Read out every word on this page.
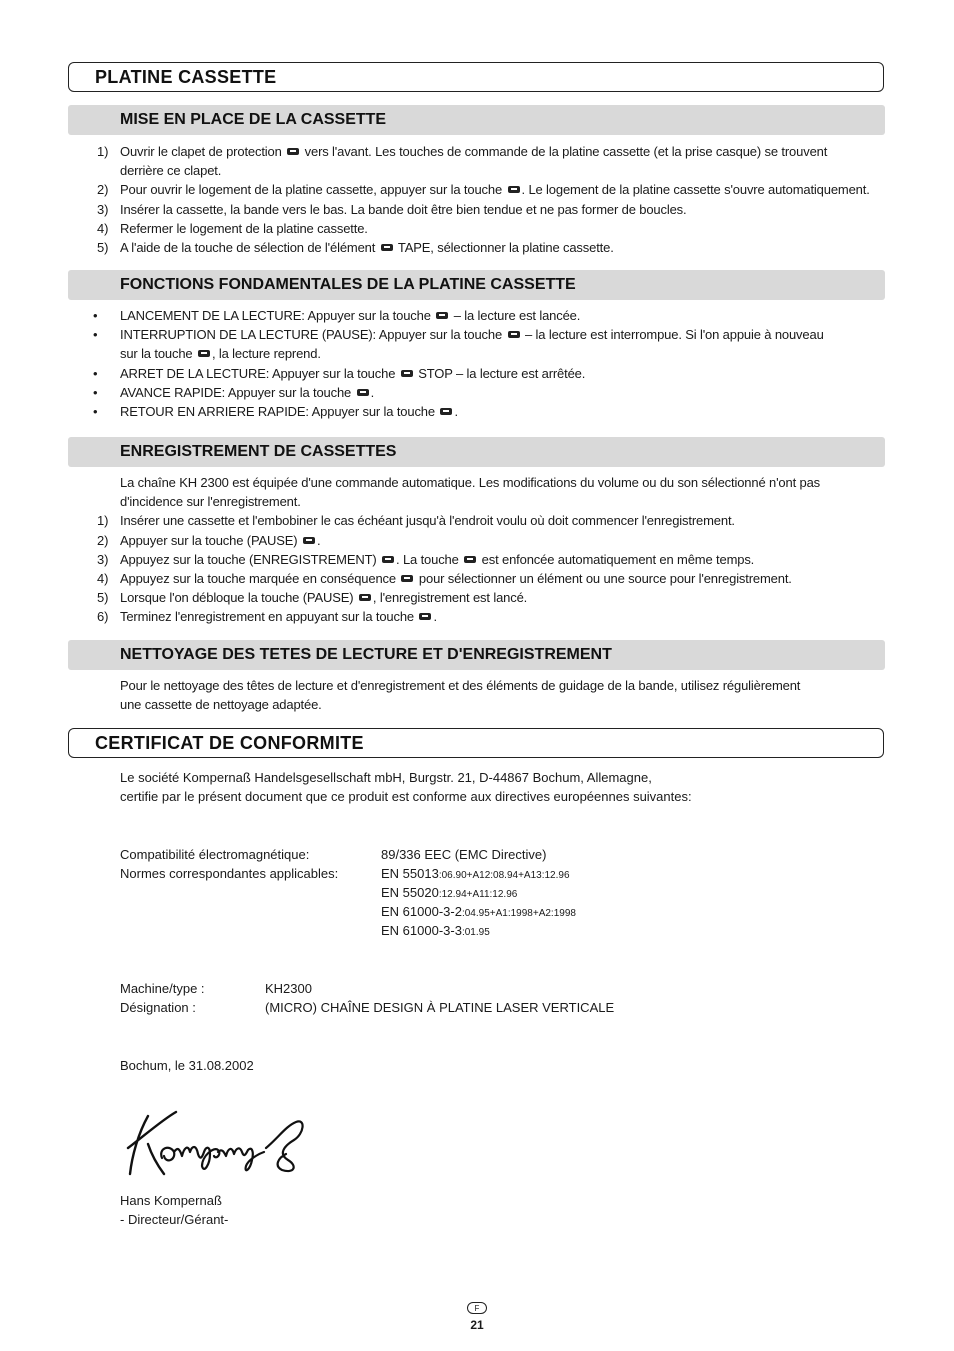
PLATINE CASSETTE
MISE EN PLACE DE LA CASSETTE
1) Ouvrir le clapet de protection vers l'avant. Les touches de commande de la platine cassette (et la prise casque) se trouvent
derrière ce clapet.
2) Pour ouvrir le logement de la platine cassette, appuyer sur la touche . Le logement de la platine cassette s'ouvre automatiquement.
3) Insérer la cassette, la bande vers le bas. La bande doit être bien tendue et ne pas former de boucles.
4) Refermer le logement de la platine cassette.
5) A l'aide de la touche de sélection de l'élément TAPE, sélectionner la platine cassette.
FONCTIONS FONDAMENTALES DE LA PLATINE CASSETTE
• LANCEMENT DE LA LECTURE: Appuyer sur la touche – la lecture est lancée.
• INTERRUPTION DE LA LECTURE (PAUSE): Appuyer sur la touche – la lecture est interrompue. Si l'on appuie à nouveau
sur la touche , la lecture reprend.
• ARRET DE LA LECTURE: Appuyer sur la touche STOP – la lecture est arrêtée.
• AVANCE RAPIDE: Appuyer sur la touche .
• RETOUR EN ARRIERE RAPIDE: Appuyer sur la touche .
ENREGISTREMENT DE CASSETTES
La chaîne KH 2300 est équipée d'une commande automatique. Les modifications du volume ou du son sélectionné n'ont pas
d'incidence sur l'enregistrement.
1) Insérer une cassette et l'embobiner le cas échéant jusqu'à l'endroit voulu où doit commencer l'enregistrement.
2) Appuyer sur la touche (PAUSE) .
3) Appuyez sur la touche (ENREGISTREMENT) . La touche est enfoncée automatiquement en même temps.
4) Appuyez sur la touche marquée en conséquence pour sélectionner un élément ou une source pour l'enregistrement.
5) Lorsque l'on débloque la touche (PAUSE) , l'enregistrement est lancé.
6) Terminez l'enregistrement en appuyant sur la touche .
NETTOYAGE DES TETES DE LECTURE ET D'ENREGISTREMENT
Pour le nettoyage des têtes de lecture et d'enregistrement et des éléments de guidage de la bande, utilisez régulièrement
une cassette de nettoyage adaptée.
CERTIFICAT DE CONFORMITE
Le société Kompernaß Handelsgesellschaft mbH, Burgstr. 21, D-44867 Bochum, Allemagne,
certifie par le présent document que ce produit est conforme aux directives européennes suivantes:
Compatibilité électromagnétique:	89/336 EEC (EMC Directive)
Normes correspondantes applicables:	EN 55013:06.90+A12:08.94+A13:12.96
EN 55020:12.94+A11:12.96
EN 61000-3-2:04.95+A1:1998+A2:1998
EN 61000-3-3:01.95
Machine/type :	KH2300
Désignation :	(MICRO) CHAÎNE DESIGN À PLATINE LASER VERTICALE
Bochum, le 31.08.2002
Hans Kompernaß
- Directeur/Gérant-
F
21
